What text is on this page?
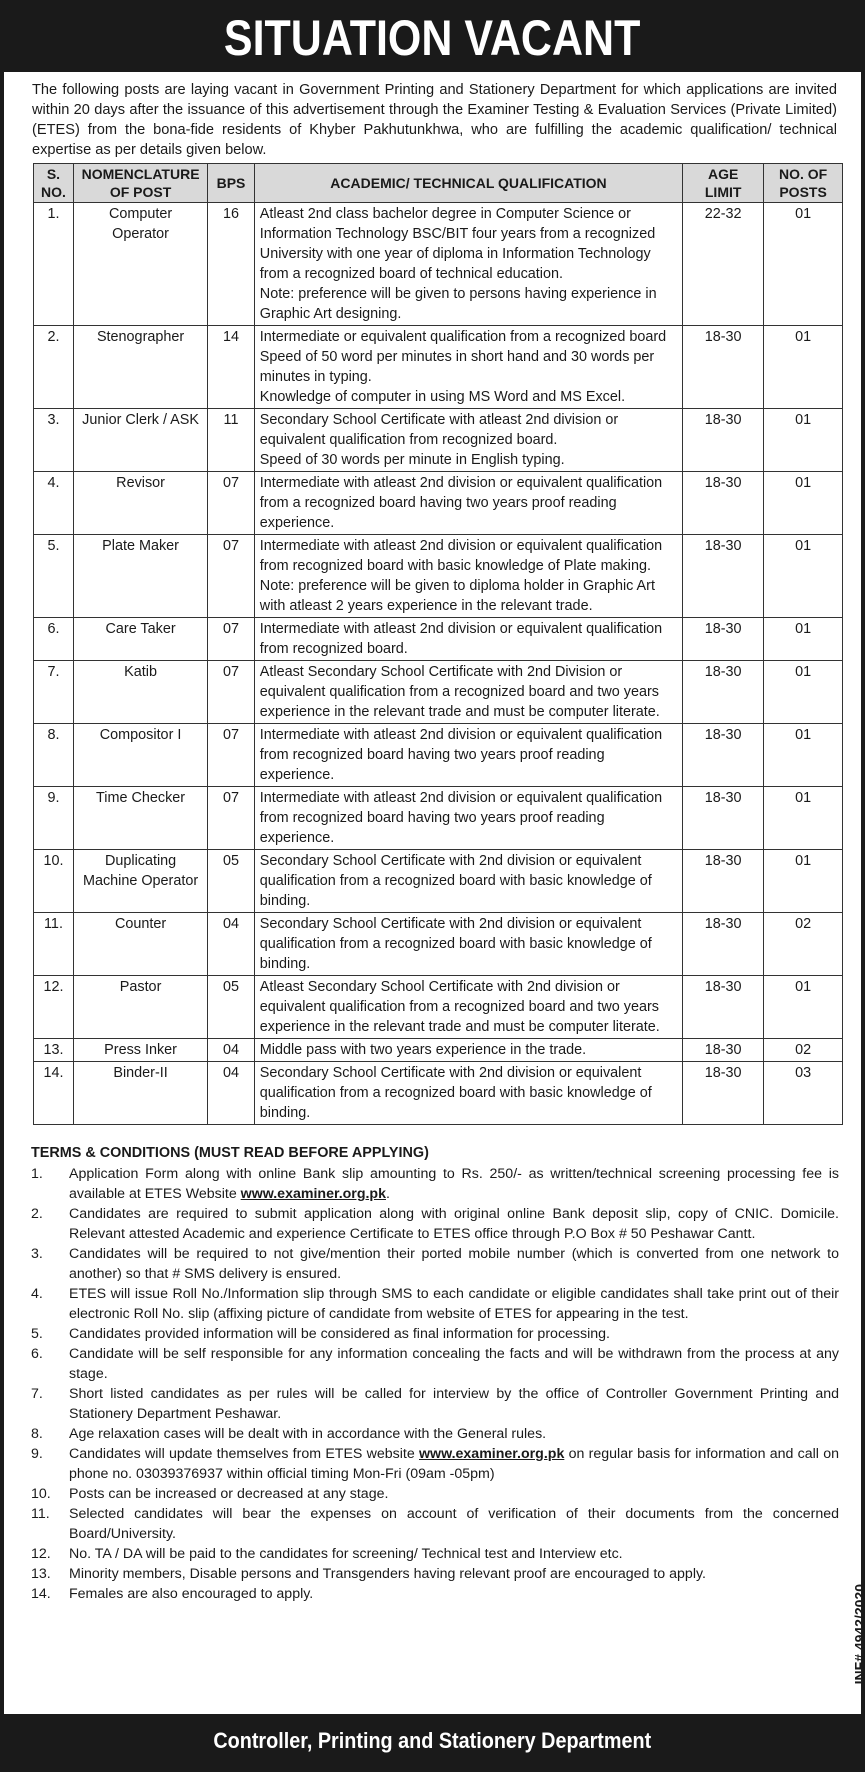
SITUATION VACANT
The following posts are laying vacant in Government Printing and Stationery Department for which applications are invited within 20 days after the issuance of this advertisement through the Examiner Testing & Evaluation Services (Private Limited) (ETES) from the bona-fide residents of Khyber Pakhutunkhwa, who are fulfilling the academic qualification/ technical expertise as per details given below.
S. NO.	NOMENCLATURE OF POST	BPS	ACADEMIC/ TECHNICAL QUALIFICATION	AGE LIMIT	NO. OF POSTS
1.	Computer Operator	16	Atleast 2nd class bachelor degree in Computer Science or Information Technology BSC/BIT four years from a recognized University with one year of diploma in Information Technology from a recognized board of technical education.
Note: preference will be given to persons having experience in Graphic Art designing.	22-32	01
2.	Stenographer	14	Intermediate or equivalent qualification from a recognized board
Speed of 50 word per minutes in short hand and 30 words per minutes in typing.
Knowledge of computer in using MS Word and MS Excel.	18-30	01
3.	Junior Clerk / ASK	11	Secondary School Certificate with atleast 2nd division or equivalent qualification from recognized board.
Speed of 30 words per minute in English typing.	18-30	01
4.	Revisor	07	Intermediate with atleast 2nd division or equivalent qualification from a recognized board having two years proof reading experience.	18-30	01
5.	Plate Maker	07	Intermediate with atleast 2nd division or equivalent qualification from recognized board with basic knowledge of Plate making.
Note: preference will be given to diploma holder in Graphic Art with atleast 2 years experience in the relevant trade.	18-30	01
6.	Care Taker	07	Intermediate with atleast 2nd division or equivalent qualification from recognized board.	18-30	01
7.	Katib	07	Atleast Secondary School Certificate with 2nd Division or equivalent qualification from a recognized board and two years experience in the relevant trade and must be computer literate.	18-30	01
8.	Compositor I	07	Intermediate with atleast 2nd division or equivalent qualification from recognized board having two years proof reading experience.	18-30	01
9.	Time Checker	07	Intermediate with atleast 2nd division or equivalent qualification from recognized board having two years proof reading experience.	18-30	01
10.	Duplicating Machine Operator	05	Secondary School Certificate with 2nd division or equivalent qualification from a recognized board with basic knowledge of binding.	18-30	01
11.	Counter	04	Secondary School Certificate with 2nd division or equivalent qualification from a recognized board with basic knowledge of binding.	18-30	02
12.	Pastor	05	Atleast Secondary School Certificate with 2nd division or equivalent qualification from a recognized board and two years experience in the relevant trade and must be computer literate.	18-30	01
13.	Press Inker	04	Middle pass with two years experience in the trade.	18-30	02
14.	Binder-II	04	Secondary School Certificate with 2nd division or equivalent qualification from a recognized board with basic knowledge of binding.	18-30	03
TERMS & CONDITIONS (MUST READ BEFORE APPLYING)
1.	Application Form along with online Bank slip amounting to Rs. 250/- as written/technical screening processing fee is available at ETES Website www.examiner.org.pk.
2.	Candidates are required to submit application along with original online Bank deposit slip, copy of CNIC. Domicile. Relevant attested Academic and experience Certificate to ETES office through P.O Box # 50 Peshawar Cantt.
3.	Candidates will be required to not give/mention their ported mobile number (which is converted from one network to another) so that # SMS delivery is ensured.
4.	ETES will issue Roll No./Information slip through SMS to each candidate or eligible candidates shall take print out of their electronic Roll No. slip (affixing picture of candidate from website of ETES for appearing in the test.
5.	Candidates provided information will be considered as final information for processing.
6.	Candidate will be self responsible for any information concealing the facts and will be withdrawn from the process at any stage.
7.	Short listed candidates as per rules will be called for interview by the office of Controller Government Printing and Stationery Department Peshawar.
8.	Age relaxation cases will be dealt with in accordance with the General rules.
9.	Candidates will update themselves from ETES website www.examiner.org.pk on regular basis for information and call on phone no. 03039376937 within official timing Mon-Fri (09am -05pm)
10.	Posts can be increased or decreased at any stage.
11.	Selected candidates will bear the expenses on account of verification of their documents from the concerned Board/University.
12.	No. TA / DA will be paid to the candidates for screening/ Technical test and Interview etc.
13.	Minority members, Disable persons and Transgenders having relevant proof are encouraged to apply.
14.	Females are also encouraged to apply.	INF# 4942/2020
Controller, Printing and Stationery Department
